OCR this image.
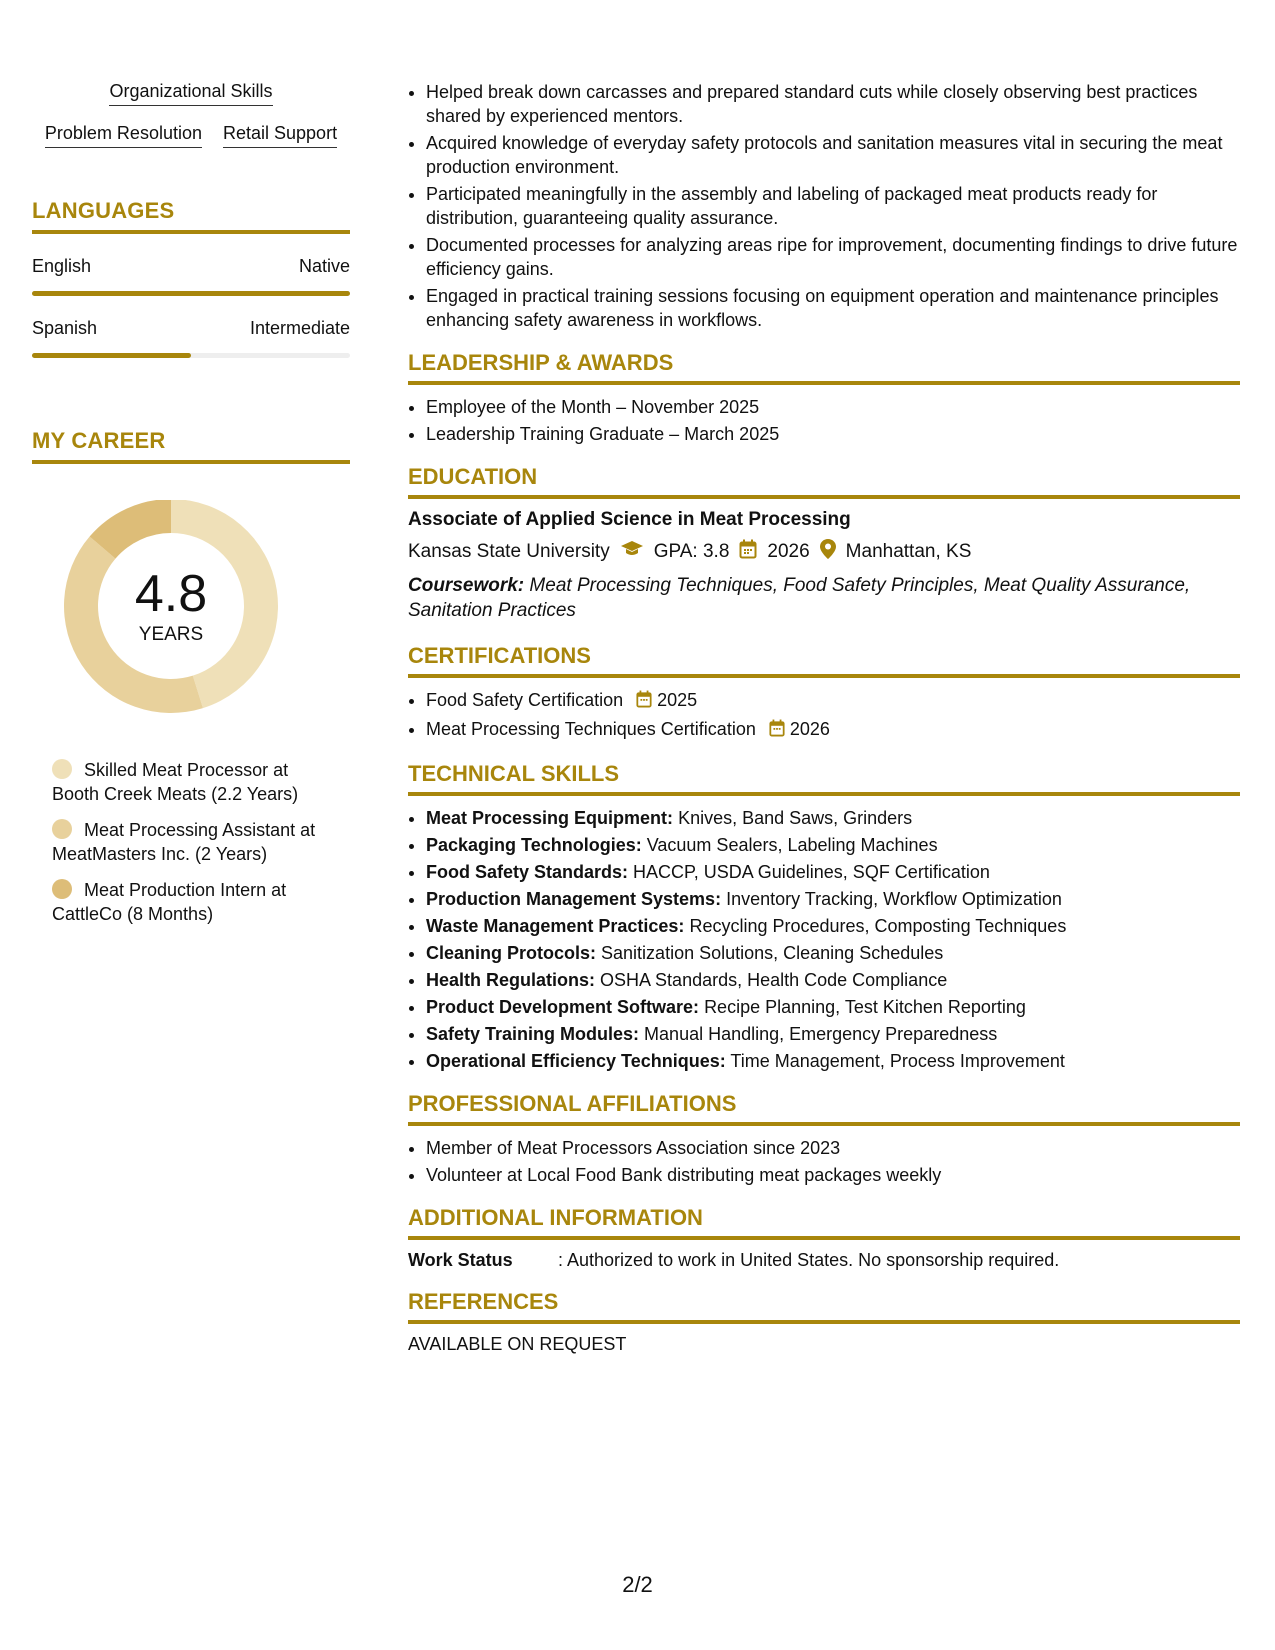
Organizational Skills
Problem Resolution Retail Support
LANGUAGES
English	Native
Spanish	Intermediate
MY CAREER
4.8
YEARS
Skilled Meat Processor at Booth Creek Meats (2.2 Years)
Meat Processing Assistant at MeatMasters Inc. (2 Years)
Meat Production Intern at CattleCo (8 Months)
• Helped break down carcasses and prepared standard cuts while closely observing best practices shared by experienced mentors.
• Acquired knowledge of everyday safety protocols and sanitation measures vital in securing the meat production environment.
• Participated meaningfully in the assembly and labeling of packaged meat products ready for distribution, guaranteeing quality assurance.
• Documented processes for analyzing areas ripe for improvement, documenting findings to drive future efficiency gains.
• Engaged in practical training sessions focusing on equipment operation and maintenance principles enhancing safety awareness in workflows.
LEADERSHIP & AWARDS
• Employee of the Month – November 2025
• Leadership Training Graduate – March 2025
EDUCATION
Associate of Applied Science in Meat Processing
Kansas State University GPA: 3.8 2026 Manhattan, KS
Coursework: Meat Processing Techniques, Food Safety Principles, Meat Quality Assurance, Sanitation Practices
CERTIFICATIONS
• Food Safety Certification 2025
• Meat Processing Techniques Certification 2026
TECHNICAL SKILLS
• Meat Processing Equipment: Knives, Band Saws, Grinders
• Packaging Technologies: Vacuum Sealers, Labeling Machines
• Food Safety Standards: HACCP, USDA Guidelines, SQF Certification
• Production Management Systems: Inventory Tracking, Workflow Optimization
• Waste Management Practices: Recycling Procedures, Composting Techniques
• Cleaning Protocols: Sanitization Solutions, Cleaning Schedules
• Health Regulations: OSHA Standards, Health Code Compliance
• Product Development Software: Recipe Planning, Test Kitchen Reporting
• Safety Training Modules: Manual Handling, Emergency Preparedness
• Operational Efficiency Techniques: Time Management, Process Improvement
PROFESSIONAL AFFILIATIONS
• Member of Meat Processors Association since 2023
• Volunteer at Local Food Bank distributing meat packages weekly
ADDITIONAL INFORMATION
Work Status	: Authorized to work in United States. No sponsorship required.
REFERENCES
AVAILABLE ON REQUEST
2/2
